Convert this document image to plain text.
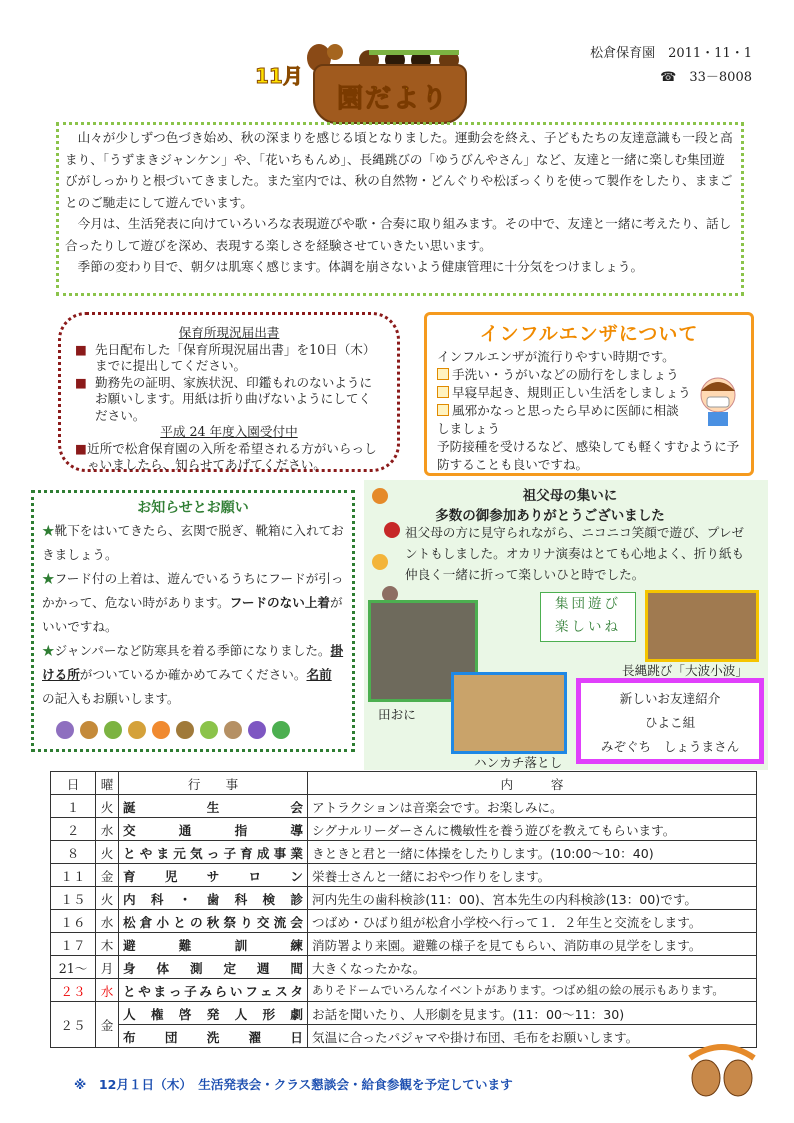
11月
園だより
松倉保育園　2011・11・1
☎　33－8008

山々が少しずつ色づき始め、秋の深まりを感じる頃となりました。運動会を終え、子どもたちの友達意識も一段と高まり、「うずまきジャンケン」や、「花いちもんめ」、長縄跳びの「ゆうびんやさん」など、友達と一緒に楽しむ集団遊びがしっかりと根づいてきました。また室内では、秋の自然物・どんぐりや松ぼっくりを使って製作をしたり、ままごとのご馳走にして遊んでいます。

今月は、生活発表に向けていろいろな表現遊びや歌・合奏に取り組みます。その中で、友達と一緒に考えたり、話し合ったりして遊びを深め、表現する楽しさを経験させていきたい思います。

季節の変わり目で、朝夕は肌寒く感じます。体調を崩さないよう健康管理に十分気をつけましょう。

保育所現況届出書
■ 先日配布した「保育所現況届出書」を10日（木）までに提出してください。
■ 勤務先の証明、家族状況、印鑑もれのないようにお願いします。用紙は折り曲げないようにしてください。
平成 24 年度入園受付中
■ 近所で松倉保育園の入所を希望される方がいらっしゃいましたら、知らせてあげてください。
インフルエンザについて
インフルエンザが流行りやすい時期です。
手洗い・うがいなどの励行をしましょう
早寝早起き、規則正しい生活をしましょう
風邪かなっと思ったら早めに医師に相談しましょう
予防接種を受けるなど、感染しても軽くすむように予防することも良いですね。
お知らせとお願い
★靴下をはいてきたら、玄関で脱ぎ、靴箱に入れておきましょう。
★フード付の上着は、遊んでいるうちにフードが引っかかって、危ない時があります。フードのない上着がいいですね。
★ジャンパーなど防寒具を着る季節になりました。掛ける所がついているか確かめてみてください。名前の記入もお願いします。
祖父母の集いに
多数の御参加ありがとうございました
祖父母の方に見守られながら、ニコニコ笑顔で遊び、プレゼントもしました。オカリナ演奏はとても心地よく、折り紙も仲良く一緒に折って楽しいひと時でした。
集団遊び
楽しいね
田おに
ハンカチ落とし
長縄跳び「大波小波」
新しいお友達紹介
ひよこ組
みぞぐち　しょうまさん
日	曜	行　　事	内　　　容
１	火	誕生会	アトラクションは音楽会です。お楽しみに。
２	水	交通指導	シグナルリーダーさんに機敏性を養う遊びを教えてもらいます。
８	火	とやま元気っ子育成事業	きときと君と一緒に体操をしたりします。(10:00～10：40)
１１	金	育児サロン	栄養士さんと一緒におやつ作りをします。
１５	火	内科・歯科検診	河内先生の歯科検診(11：00)、宮本先生の内科検診(13：00)です。
１６	水	松倉小との秋祭り交流会	つばめ・ひばり組が松倉小学校へ行って１．２年生と交流をします。
１７	木	避難訓練	消防署より来園。避難の様子を見てもらい、消防車の見学をします。
21～	月	身体測定週間	大きくなったかな。
２３	水	とやまっ子みらいフェスタ	ありそドームでいろんなイベントがあります。つばめ組の絵の展示もあります。
２５	金	人権啓発人形劇	お話を聞いたり、人形劇を見ます。(11：00～11：30)
		布団洗濯日	気温に合ったパジャマや掛け布団、毛布をお願いします。
※　12月１日（木）　生活発表会・クラス懇談会・給食参観を予定しています
